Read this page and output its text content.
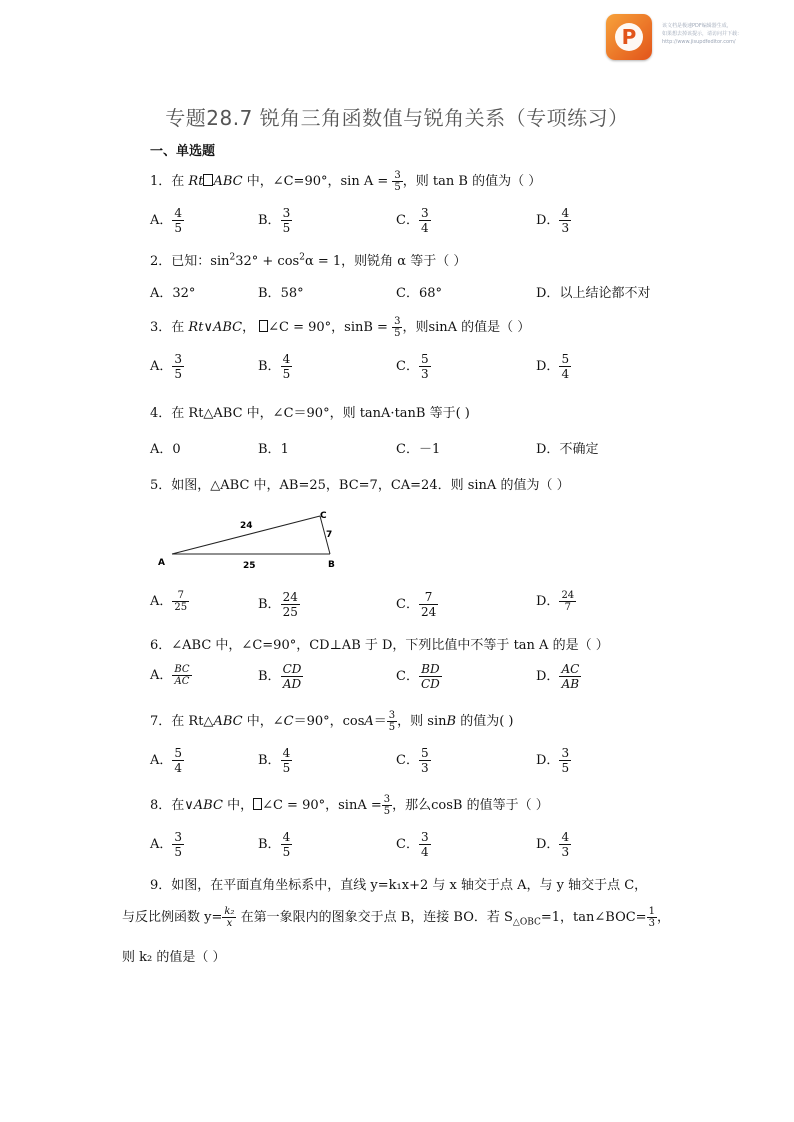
P	该文档是极速PDF编辑器生成，
如果想去掉该提示，请访问并下载：
http://www.jisupdfeditor.com/
专题28.7 锐角三角函数值与锐角关系（专项练习）
一、单选题
1．在 Rt ABC 中，∠C=90°，$\sin A = \frac{3}{5}$ ，则 tan B 的值为（ ）
A． $\frac{4}{5}$	B． $\frac{3}{5}$	C． $\frac{3}{4}$	D． $\frac{4}{3}$
2．已知：$\sin^232^\circ + \cos^2\alpha = 1$，则锐角 α 等于（ ）
A．32°	B．58°	C．68°	D．以上结论都不对
3．在 Rt∨ABC， ∠C = 90°，$\sin B = \frac{3}{5}$ ，则sinA 的值是（ ）
A． $\frac{3}{5}$	B． $\frac{4}{5}$	C． $\frac{5}{3}$	D． $\frac{5}{4}$
4．在 Rt△ABC 中，∠C＝90°，则 tanA·tanB 等于( )
A．0	B．1	C．－1	D．不确定
5．如图，△ABC 中，AB=25，BC=7，CA=24．则 sinA 的值为（ ）
A	B
C
24
7
25
A． $\frac{7}{25}$	B． $\frac{24}{25}$	C． $\frac{7}{24}$	D． $\frac{24}{7}$
6．∠ABC 中，∠C=90°，CD⊥AB 于 D，下列比值中不等于 tan A 的是（ ）
A． $\frac{BC}{AC}$	B． $\frac{CD}{AD}$	C． $\frac{BD}{CD}$	D． $\frac{AC}{AB}$
7．在 Rt△ABC 中，∠C＝90°，$\cos A= \frac{3}{5}$ ，则 sinB 的值为( )
A． $\frac{5}{4}$	B． $\frac{4}{5}$	C． $\frac{5}{3}$	D． $\frac{3}{5}$
8．在∨ABC 中， ∠C = 90°，$\sin A = \frac{3}{5}$ ，那么cosB 的值等于（ ）
A． $\frac{3}{5}$	B． $\frac{4}{5}$	C． $\frac{3}{4}$	D． $\frac{4}{3}$
9．如图，在平面直角坐标系中，直线 y=k₁x+2 与 x 轴交于点 A，与 y 轴交于点 C，
与反比例函数 $y= \frac{\text{k₂}}{x}$ 在第一象限内的图象交于点 B，连接 BO．若 $S_{\triangle OBC}=1$，tan∠BOC= $\frac{1}{3}$ ，
则 k₂ 的值是（ ）
